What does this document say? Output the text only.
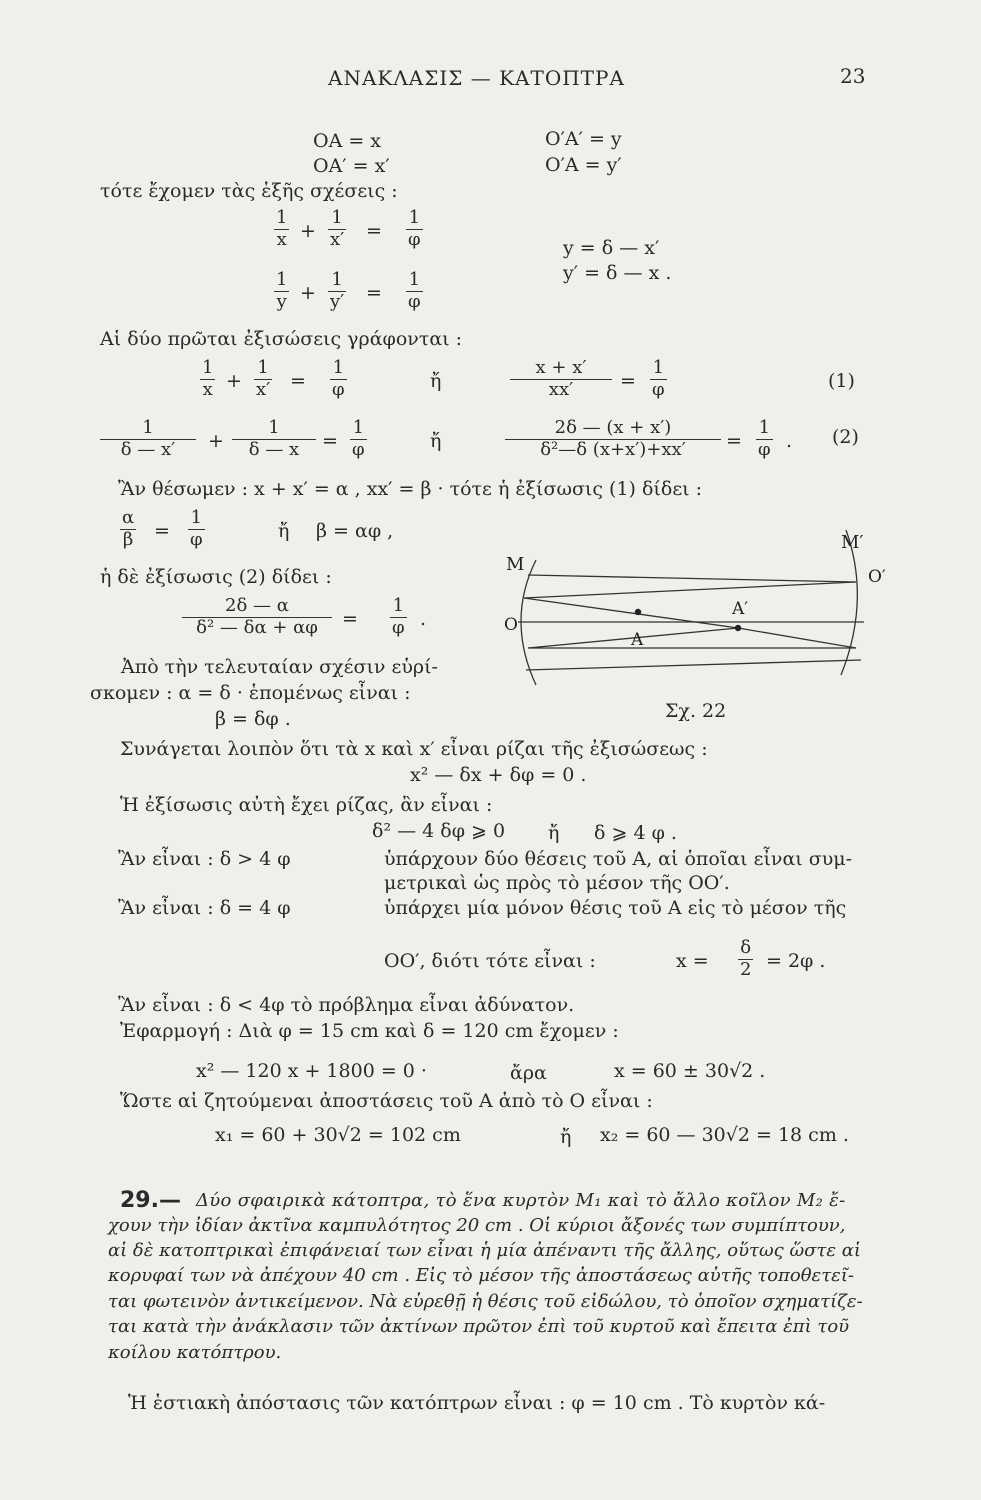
ΑΝΑΚΛΑΣΙΣ — ΚΑΤΟΠΤΡΑ	23
OA = x
OA′ = x′
O′A′ = y
O′A = y′
τότε ἔχομεν τὰς ἑξῆς σχέσεις :
1
x +
1
x′ =
1
φ	y = δ — x′
y′ = δ — x .
1
y +
1
y′ =
1
φ
Αἱ δύο πρῶται ἐξισώσεις γράφονται :
1
x +
1
x′ =
1
φ	ἤ
x + x′
xx′ =
1
φ	(1)
1
δ — x′ +
1
δ — x =
1
φ	ἤ
2δ — (x + x′)
δ²—δ (x+x′)+xx′ =
1
φ . (2)
Ἂν θέσωμεν : x + x′ = α , xx′ = β · τότε ἡ ἐξίσωσις (1) δίδει :
α
β =
1
φ	ἤ β = αφ ,
ἡ δὲ ἐξίσωσις (2) δίδει :
2δ — α
δ² — δα + αφ =
1
φ .
Ἀπὸ τὴν τελευταίαν σχέσιν εὑρί-
σκομεν : α = δ · ἑπομένως εἶναι :
β = δφ .
M
M′
O
O′
A
A′
Σχ. 22
Συνάγεται λοιπὸν ὅτι τὰ x καὶ x′ εἶναι ρίζαι τῆς ἐξισώσεως :
x² — δx + δφ = 0 .
Ἡ ἐξίσωσις αὐτὴ ἔχει ρίζας, ἂν εἶναι :
δ² — 4 δφ ⩾ 0 ἤ δ ⩾ 4 φ .
Ἂν εἶναι : δ > 4 φ	ὑπάρχουν δύο θέσεις τοῦ Α, αἱ ὁποῖαι εἶναι συμ-
μετρικαὶ ὡς πρὸς τὸ μέσον τῆς ΟΟ′.
Ἂν εἶναι : δ = 4 φ	ὑπάρχει μία μόνον θέσις τοῦ Α εἰς τὸ μέσον τῆς
ΟΟ′, διότι τότε εἶναι :	x =
δ
2 = 2φ .
Ἂν εἶναι : δ < 4φ τὸ πρόβλημα εἶναι ἀδύνατον.
Ἐφαρμογή : Διὰ φ = 15 cm καὶ δ = 120 cm ἔχομεν :
x² — 120 x + 1800 = 0 ·	ἄρα	x = 60 ± 30√2 .
Ὥστε αἱ ζητούμεναι ἀποστάσεις τοῦ Α ἀπὸ τὸ Ο εἶναι :
x₁ = 60 + 30√2 = 102 cm	ἤ x₂ = 60 — 30√2 = 18 cm .
29.— Δύο σφαιρικὰ κάτοπτρα, τὸ ἕνα κυρτὸν Μ₁ καὶ τὸ ἄλλο κοῖλον Μ₂ ἔ-
χουν τὴν ἰδίαν ἀκτῖνα καμπυλότητος 20 cm . Οἱ κύριοι ἄξονές των συμπίπτουν,
αἱ δὲ κατοπτρικαὶ ἐπιφάνειαί των εἶναι ἡ μία ἀπέναντι τῆς ἄλλης, οὕτως ὥστε αἱ
κορυφαί των νὰ ἀπέχουν 40 cm . Εἰς τὸ μέσον τῆς ἀποστάσεως αὐτῆς τοποθετεῖ-
ται φωτεινὸν ἀντικείμενον. Νὰ εὑρεθῇ ἡ θέσις τοῦ εἰδώλου, τὸ ὁποῖον σχηματίζε-
ται κατὰ τὴν ἀνάκλασιν τῶν ἀκτίνων πρῶτον ἐπὶ τοῦ κυρτοῦ καὶ ἔπειτα ἐπὶ τοῦ
κοίλου κατόπτρου.
Ἡ ἑστιακὴ ἀπόστασις τῶν κατόπτρων εἶναι : φ = 10 cm . Τὸ κυρτὸν κά-
